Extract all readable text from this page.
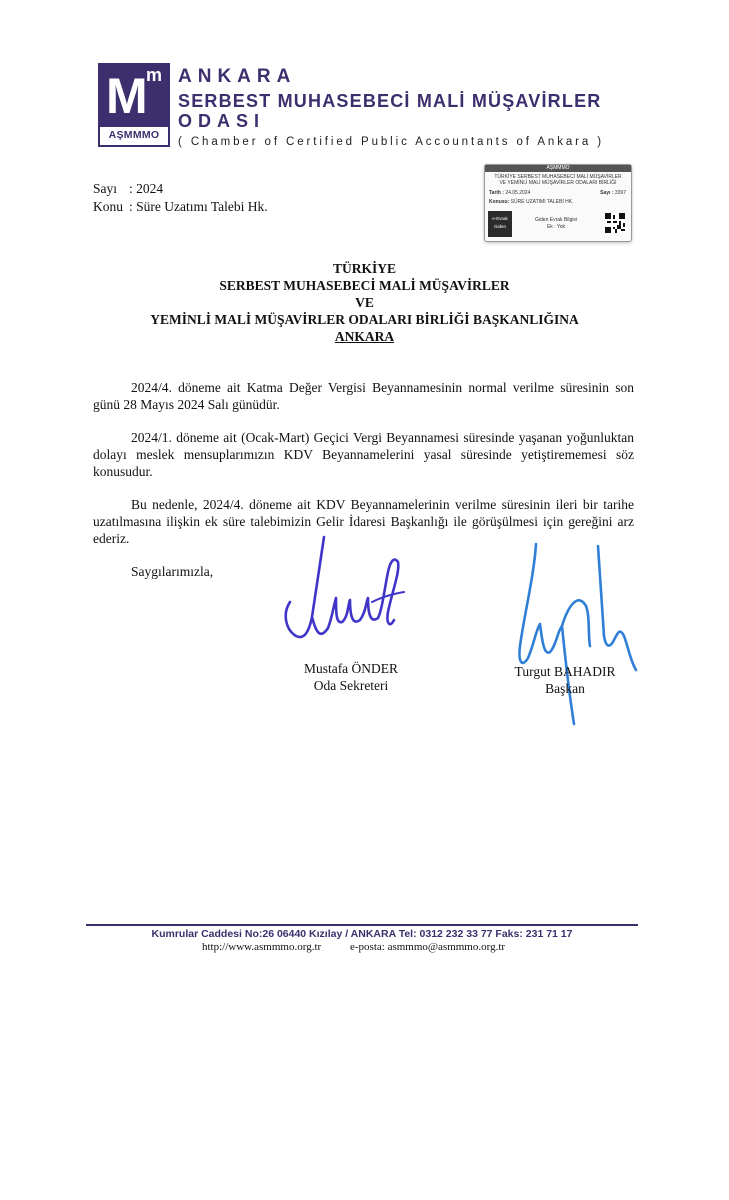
M
m
AŞMMMO
ANKARA
SERBEST MUHASEBECİ MALİ MÜŞAVİRLER
ODASI
( Chamber of Certified Public Accountants of Ankara )
AŞMMMO
TÜRKİYE SERBEST MUHASEBECİ MALİ MÜŞAVİRLER
VE YEMİNLİ MALİ MÜŞAVİRLER ODALARI BİRLİĞİ
Tarih : 24.05.2024	Sayı : 3397
Konusu: SÜRE UZATIMI TALEBİ HK.
e-Evrak
Giden
Giden Evrak Bilgisi
Ek : Yok
Sayı : 2024
Konu : Süre Uzatımı Talebi Hk.
TÜRKİYE
SERBEST MUHASEBECİ MALİ MÜŞAVİRLER
VE
YEMİNLİ MALİ MÜŞAVİRLER ODALARI BİRLİĞİ BAŞKANLIĞINA
ANKARA
2024/4. döneme ait Katma Değer Vergisi Beyannamesinin normal verilme süresinin son günü 28 Mayıs 2024 Salı günüdür.
2024/1. döneme ait (Ocak-Mart) Geçici Vergi Beyannamesi süresinde yaşanan yoğunluktan dolayı meslek mensuplarımızın KDV Beyannamelerini yasal süresinde yetiştirememesi söz konusudur.
Bu nedenle, 2024/4. döneme ait KDV Beyannamelerinin verilme süresinin ileri bir tarihe uzatılmasına ilişkin ek süre talebimizin Gelir İdaresi Başkanlığı ile görüşülmesi için gereğini arz ederiz.
Saygılarımızla,
Mustafa ÖNDER
Oda Sekreteri
Turgut BAHADIR
Başkan
Kumrular Caddesi No:26 06440 Kızılay / ANKARA Tel: 0312 232 33 77 Faks: 231 71 17
http://www.asmmmo.org.tr	e-posta: asmmmo@asmmmo.org.tr
